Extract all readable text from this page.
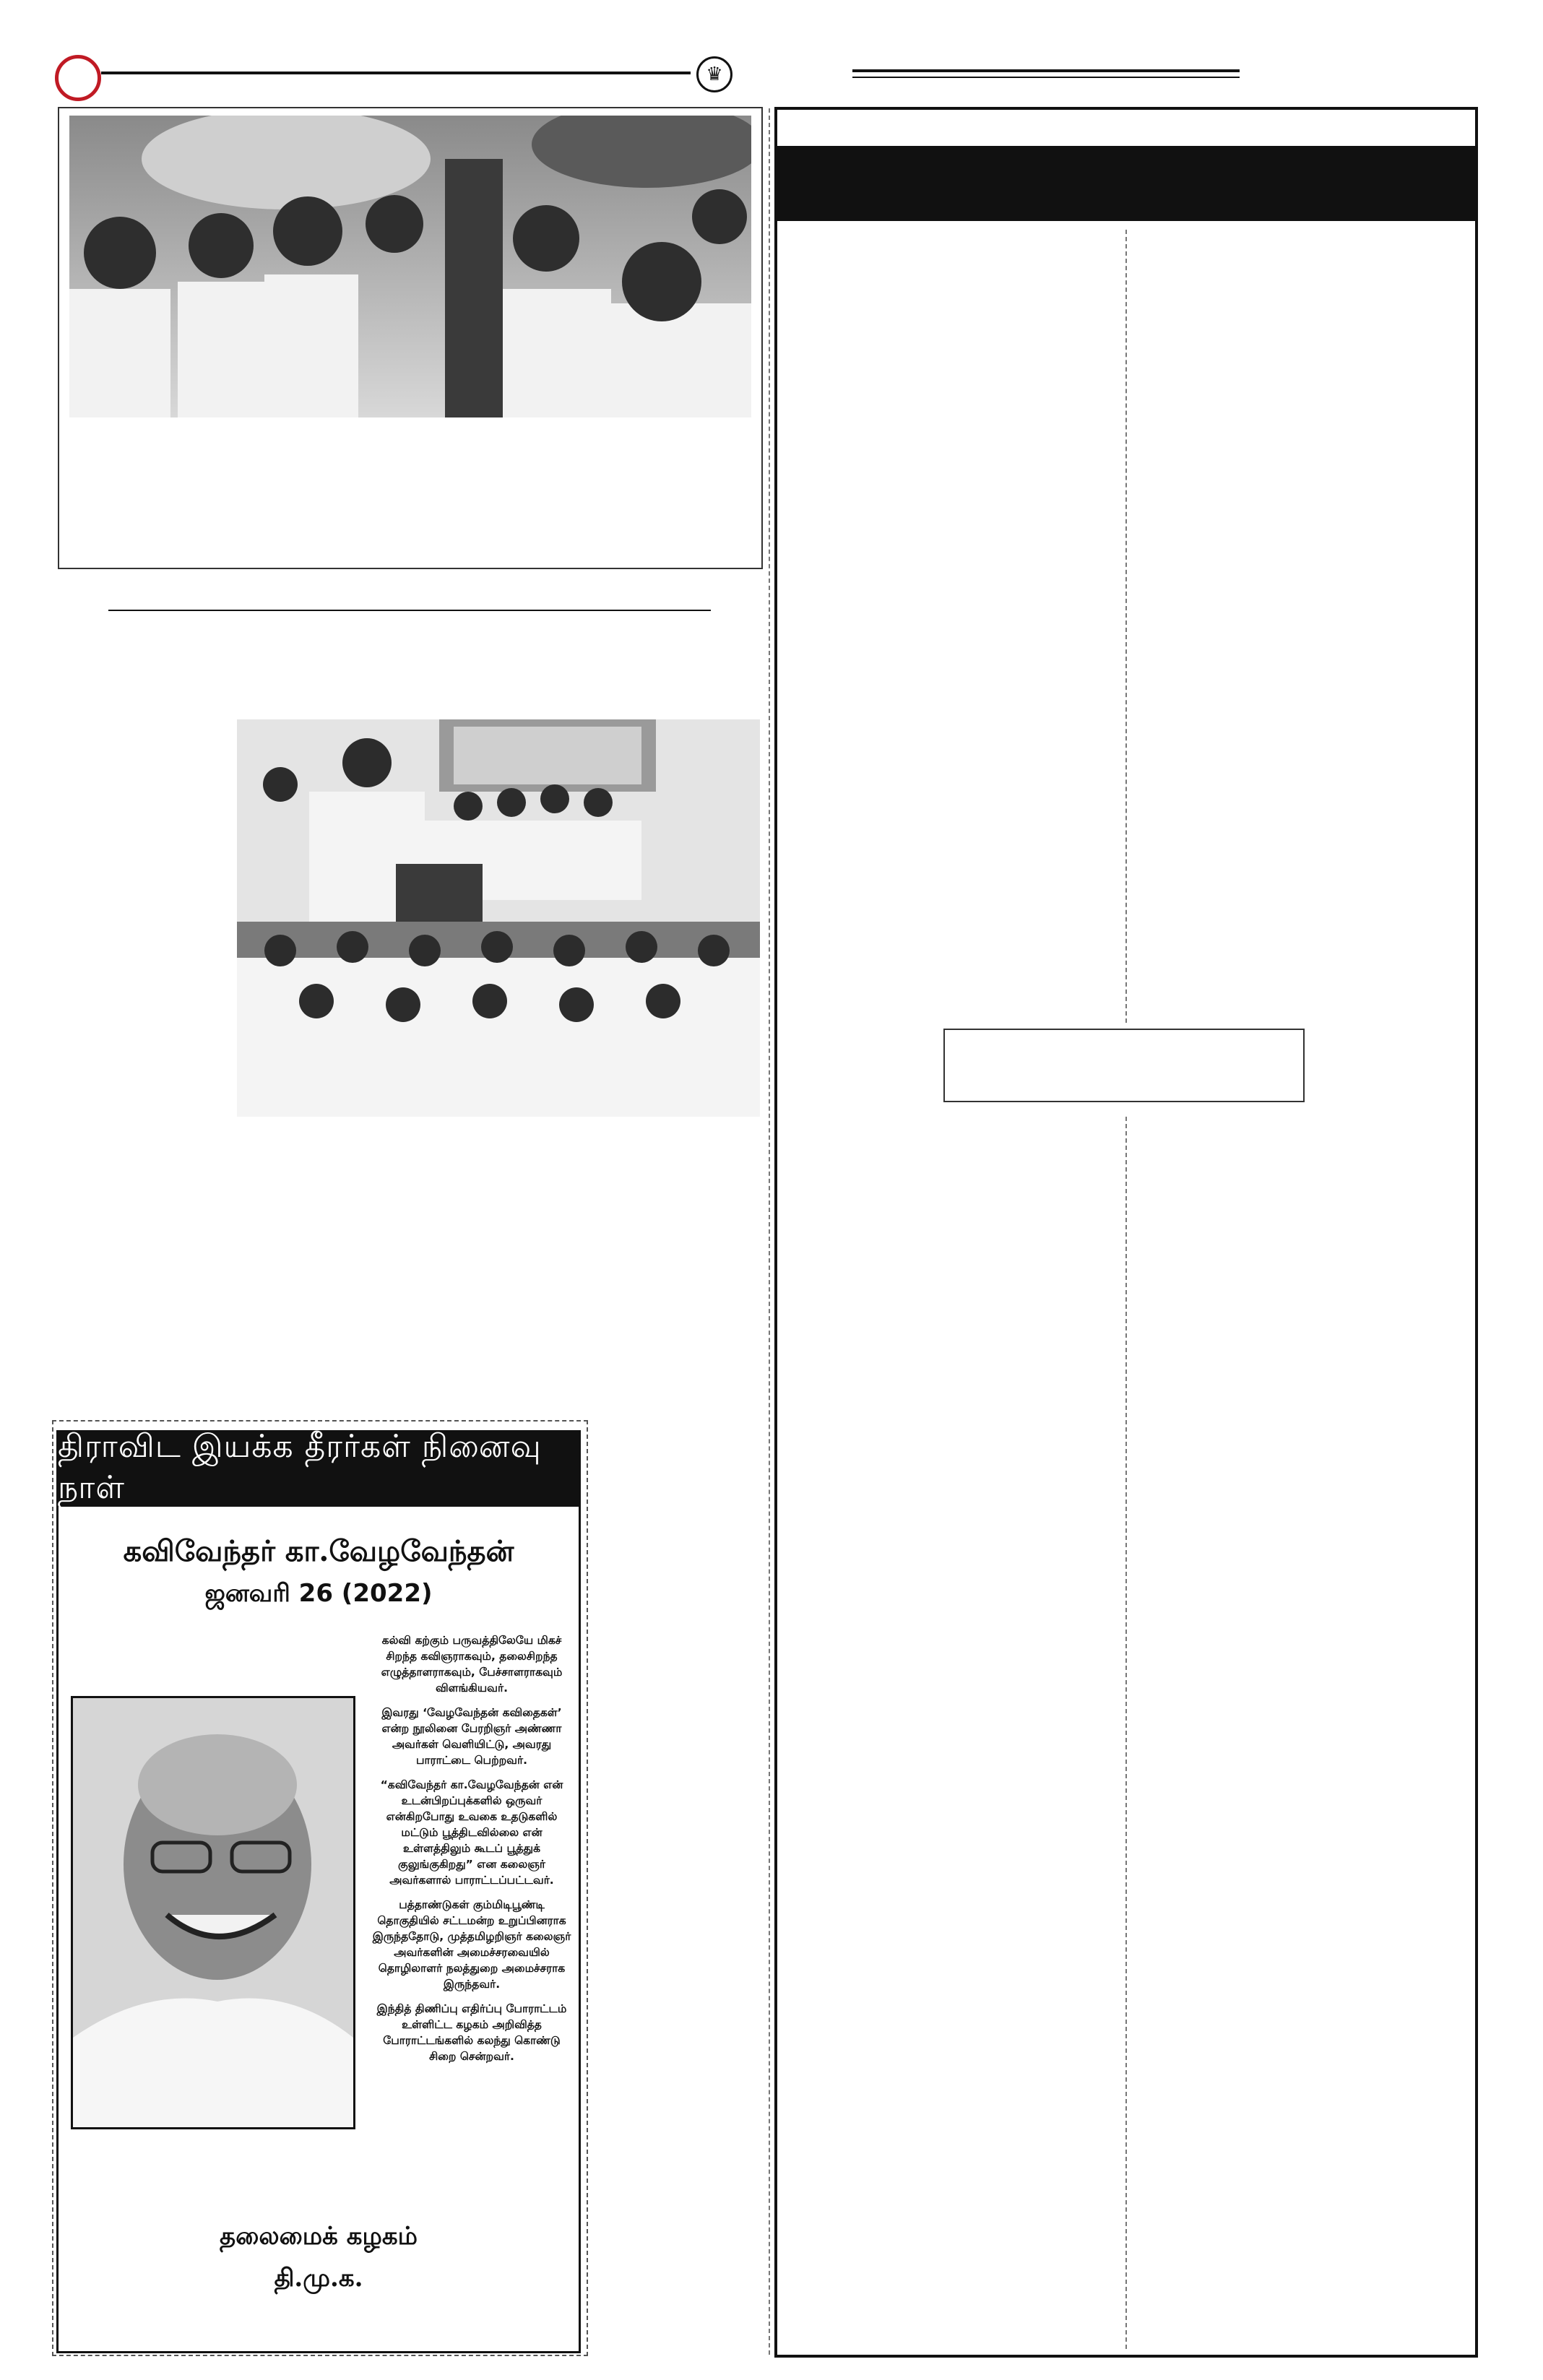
♛
திராவிட இயக்க தீரர்கள் நினைவு நாள்
கவிவேந்தர் கா.வேழவேந்தன்
ஜனவரி 26 (2022)

கல்வி கற்கும் பருவத்திலேயே மிகச் சிறந்த கவிஞராகவும், தலைசிறந்த எழுத்தாளராகவும், பேச்சாளராகவும் விளங்கியவர்.

இவரது ‘வேழவேந்தன் கவிதைகள்’ என்ற நூலினை பேரறிஞர் அண்ணா அவர்கள் வெளியிட்டு, அவரது பாராட்டை பெற்றவர்.

“கவிவேந்தர் கா.வேழவேந்தன் என் உடன்பிறப்புக்களில் ஒருவர் என்கிறபோது உவகை உதடுகளில் மட்டும் பூத்திடவில்லை என் உள்ளத்திலும் கூடப் பூத்துக் குலுங்குகிறது” என கலைஞர் அவர்களால் பாராட்டப்பட்டவர்.

பத்தாண்டுகள் கும்மிடிபூண்டி தொகுதியில் சட்டமன்ற உறுப்பினராக இருந்ததோடு, முத்தமிழறிஞர் கலைஞர் அவர்களின் அமைச்சரவையில் தொழிலாளர் நலத்துறை அமைச்சராக இருந்தவர்.

இந்தித் திணிப்பு எதிர்ப்பு போராட்டம் உள்ளிட்ட கழகம் அறிவித்த போராட்டங்களில் கலந்து கொண்டு சிறை சென்றவர்.

தலைமைக் கழகம்
தி.மு.க.
